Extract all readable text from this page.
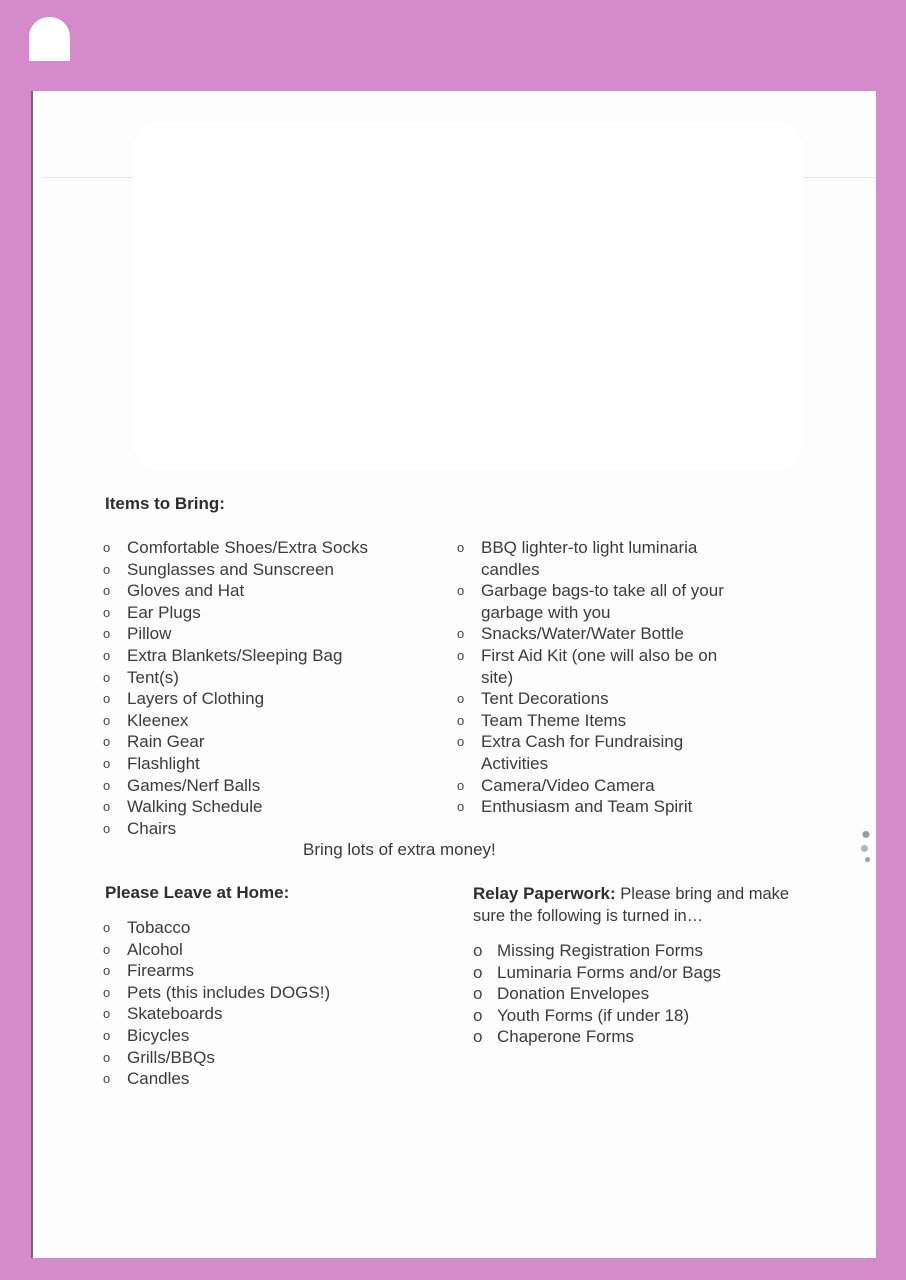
Items to Bring:
o Comfortable Shoes/Extra Socks
o Sunglasses and Sunscreen
o Gloves and Hat
o Ear Plugs
o Pillow
o Extra Blankets/Sleeping Bag
o Tent(s)
o Layers of Clothing
o Kleenex
o Rain Gear
o Flashlight
o Games/Nerf Balls
o Walking Schedule
o Chairs
o BBQ lighter-to light luminaria candles
o Garbage bags-to take all of your garbage with you
o Snacks/Water/Water Bottle
o First Aid Kit (one will also be on site)
o Tent Decorations
o Team Theme Items
o Extra Cash for Fundraising Activities
o Camera/Video Camera
o Enthusiasm and Team Spirit
Bring lots of extra money!
Please Leave at Home:
o Tobacco
o Alcohol
o Firearms
o Pets (this includes DOGS!)
o Skateboards
o Bicycles
o Grills/BBQs
o Candles
Relay Paperwork: Please bring and make sure the following is turned in…
o Missing Registration Forms
o Luminaria Forms and/or Bags
o Donation Envelopes
o Youth Forms (if under 18)
o Chaperone Forms
